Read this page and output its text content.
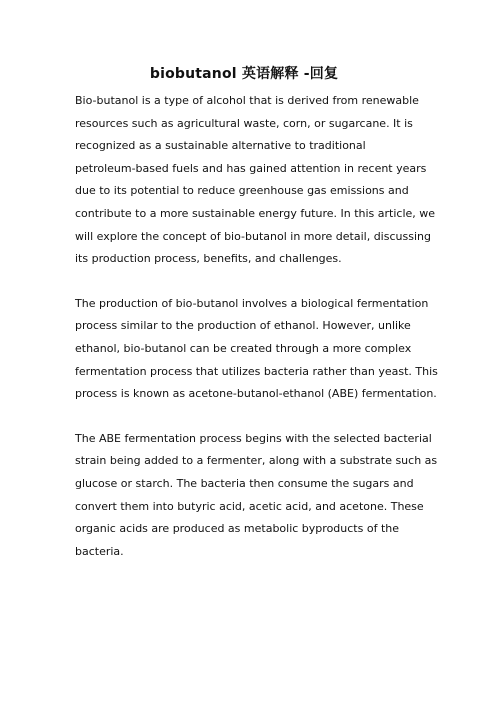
biobutanol 英语解释 -回复

Bio-butanol is a type of alcohol that is derived from renewable
resources such as agricultural waste, corn, or sugarcane. It is
recognized as a sustainable alternative to traditional
petroleum-based fuels and has gained attention in recent years
due to its potential to reduce greenhouse gas emissions and
contribute to a more sustainable energy future. In this article, we
will explore the concept of bio-butanol in more detail, discussing
its production process, benefits, and challenges.

The production of bio-butanol involves a biological fermentation
process similar to the production of ethanol. However, unlike
ethanol, bio-butanol can be created through a more complex
fermentation process that utilizes bacteria rather than yeast. This
process is known as acetone-butanol-ethanol (ABE) fermentation.

The ABE fermentation process begins with the selected bacterial
strain being added to a fermenter, along with a substrate such as
glucose or starch. The bacteria then consume the sugars and
convert them into butyric acid, acetic acid, and acetone. These
organic acids are produced as metabolic byproducts of the
bacteria.
